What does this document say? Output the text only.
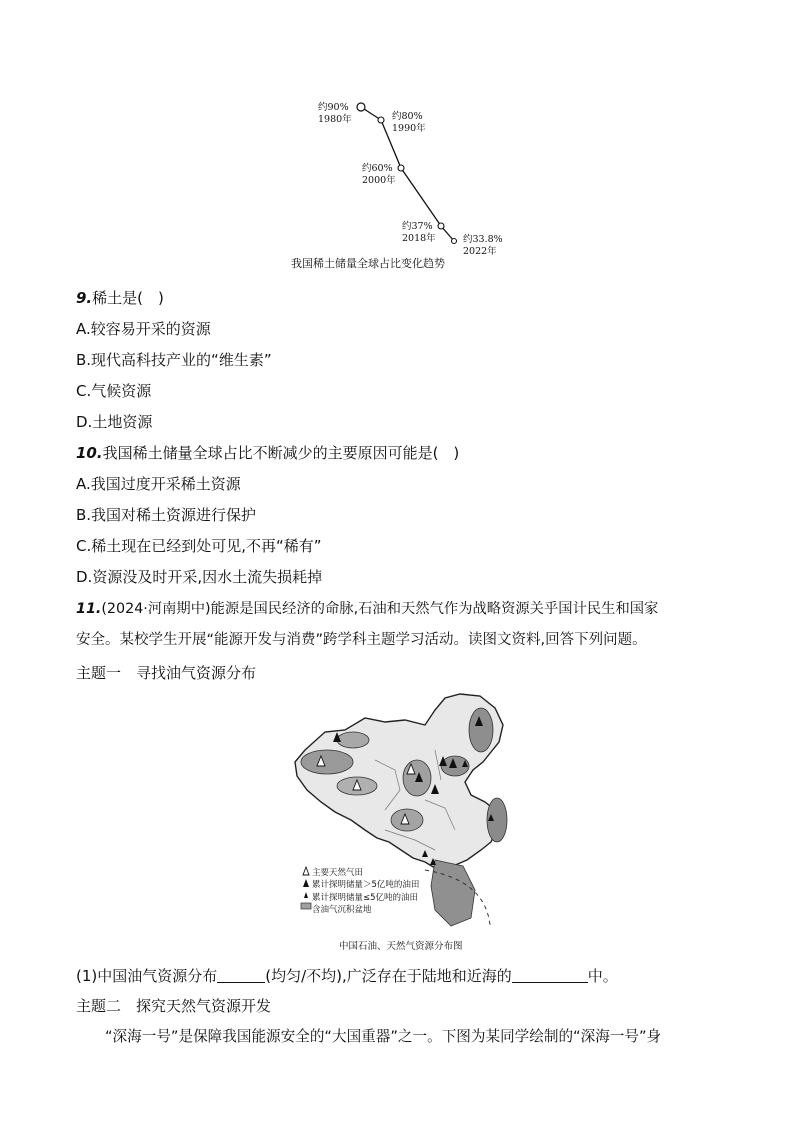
约90%
1980年	约80%
1990年
约60%
2000年
约37%
2018年	约33.8%
2022年
我国稀土储量全球占比变化趋势
9.稀土是(　)
A.较容易开采的资源
B.现代高科技产业的“维生素”
C.气候资源
D.土地资源
10.我国稀土储量全球占比不断减少的主要原因可能是(　)
A.我国过度开采稀土资源
B.我国对稀土资源进行保护
C.稀土现在已经到处可见,不再“稀有”
D.资源没及时开采,因水土流失损耗掉
11.(2024·河南期中)能源是国民经济的命脉,石油和天然气作为战略资源关乎国计民生和国家
安全。某校学生开展“能源开发与消费”跨学科主题学习活动。读图文资料,回答下列问题。
主题一　寻找油气资源分布
主要天然气田
累计探明储量＞5亿吨的油田
累计探明储量≤5亿吨的油田
含油气沉积盆地
中国石油、天然气资源分布图
(1)中国油气资源分布	(均匀/不均),广泛存在于陆地和近海的	中。
主题二　探究天然气资源开发
“深海一号”是保障我国能源安全的“大国重器”之一。下图为某同学绘制的“深海一号”身
